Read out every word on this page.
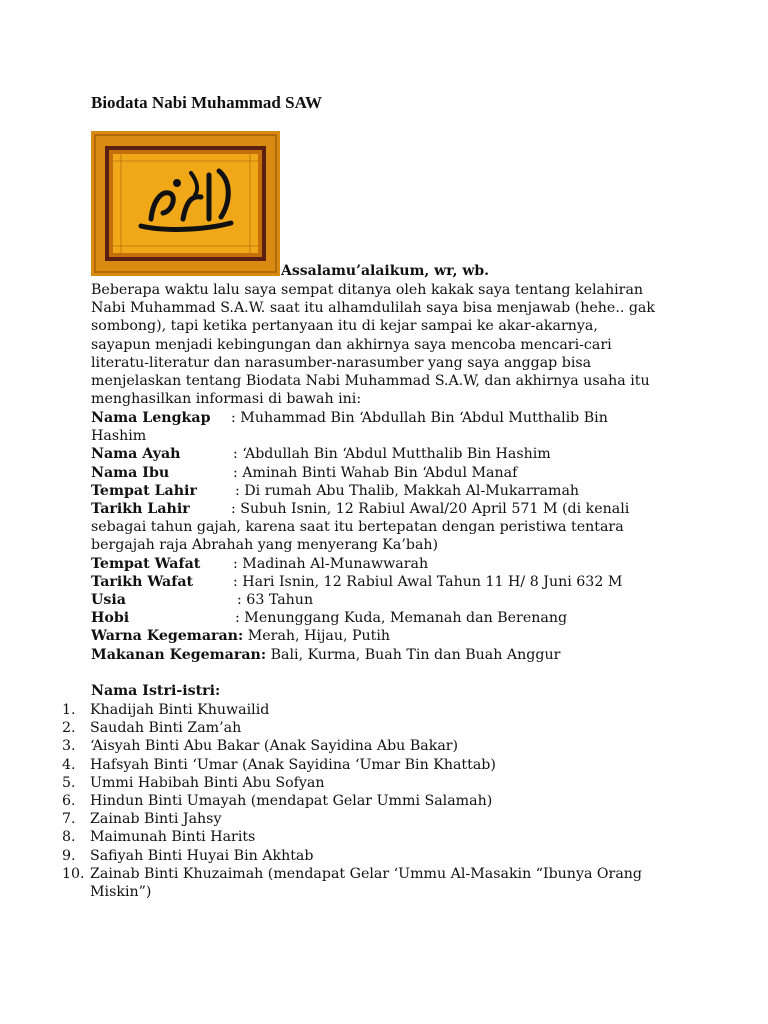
Biodata Nabi Muhammad SAW
Assalamu’alaikum, wr, wb.

Beberapa waktu lalu saya sempat ditanya oleh kakak saya tentang kelahiran

Nabi Muhammad S.A.W. saat itu alhamdulilah saya bisa menjawab (hehe.. gak

sombong), tapi ketika pertanyaan itu di kejar sampai ke akar-akarnya,

sayapun menjadi kebingungan dan akhirnya saya mencoba mencari-cari

literatu-literatur dan narasumber-narasumber yang saya anggap bisa

menjelaskan tentang Biodata Nabi Muhammad S.A.W, dan akhirnya usaha itu

menghasilkan informasi di bawah ini:

Nama Lengkap : Muhammad Bin ‘Abdullah Bin ‘Abdul Mutthalib Bin
Hashim
Nama Ayah	: ‘Abdullah Bin ‘Abdul Mutthalib Bin Hashim
Nama Ibu	: Aminah Binti Wahab Bin ‘Abdul Manaf
Tempat Lahir	: Di rumah Abu Thalib, Makkah Al-Mukarramah
Tarikh Lahir	: Subuh Isnin, 12 Rabiul Awal/20 April 571 M (di kenali
sebagai tahun gajah, karena saat itu bertepatan dengan peristiwa tentara
bergajah raja Abrahah yang menyerang Ka’bah)
Tempat Wafat : Madinah Al-Munawwarah
Tarikh Wafat	: Hari Isnin, 12 Rabiul Awal Tahun 11 H/ 8 Juni 632 M
Usia	: 63 Tahun
Hobi	: Menunggang Kuda, Memanah dan Berenang
Warna Kegemaran: Merah, Hijau, Putih
Makanan Kegemaran: Bali, Kurma, Buah Tin dan Buah Anggur
Nama Istri-istri:
1. Khadijah Binti Khuwailid
2. Saudah Binti Zam’ah
3. ‘Aisyah Binti Abu Bakar (Anak Sayidina Abu Bakar)
4. Hafsyah Binti ‘Umar (Anak Sayidina ‘Umar Bin Khattab)
5. Ummi Habibah Binti Abu Sofyan
6. Hindun Binti Umayah (mendapat Gelar Ummi Salamah)
7. Zainab Binti Jahsy
8. Maimunah Binti Harits
9. Safiyah Binti Huyai Bin Akhtab
10. Zainab Binti Khuzaimah (mendapat Gelar ‘Ummu Al-Masakin “Ibunya Orang
Miskin”)
